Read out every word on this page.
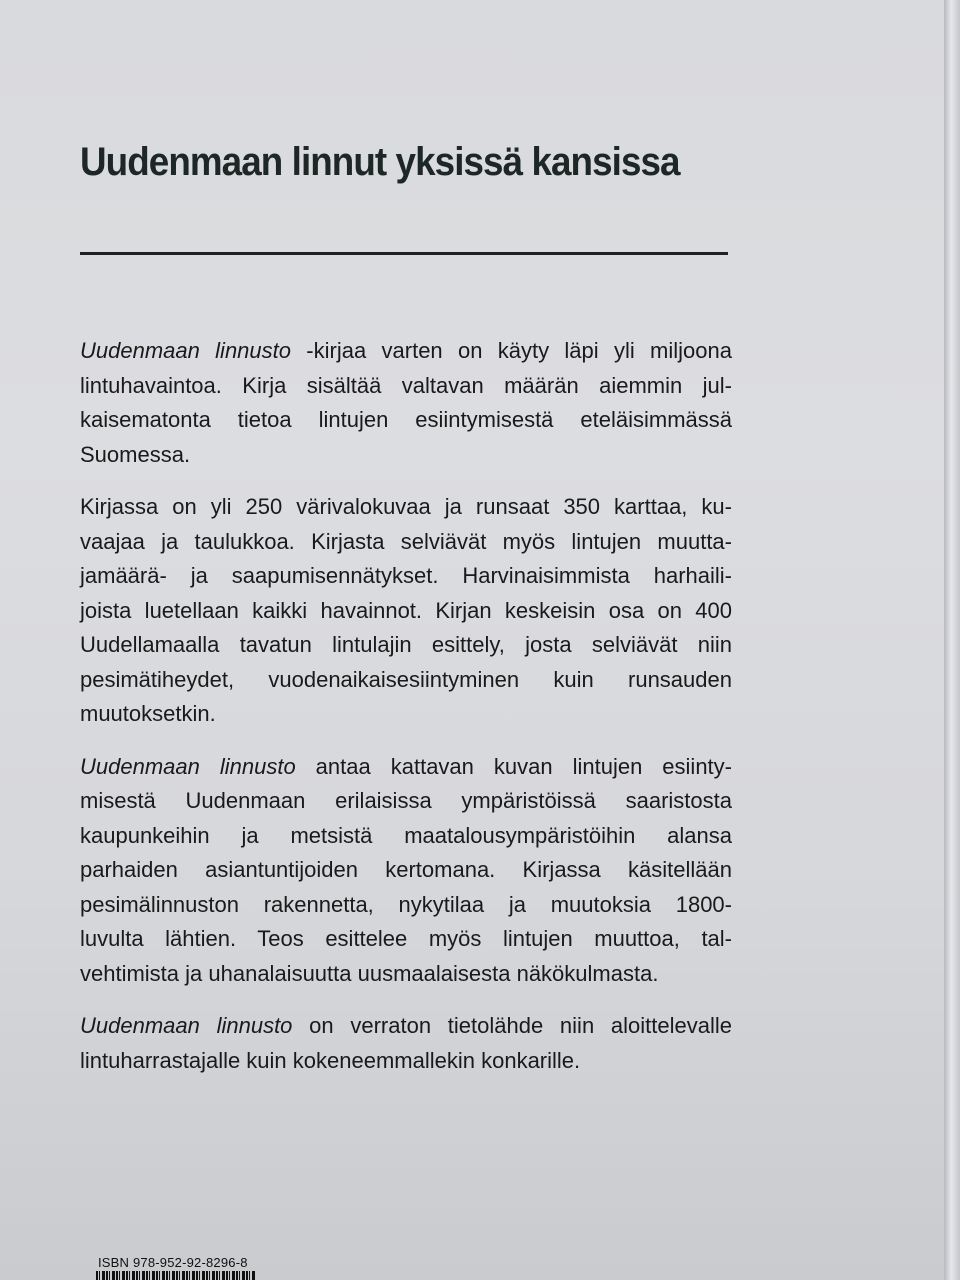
Uudenmaan linnut yksissä kansissa

Uudenmaan linnusto -kirjaa varten on käyty läpi yli miljoona
lintuhavaintoa. Kirja sisältää valtavan määrän aiemmin jul-
kaisematonta tietoa lintujen esiintymisestä eteläisimmässä
Suomessa.

Kirjassa on yli 250 värivalokuvaa ja runsaat 350 karttaa, ku-
vaajaa ja taulukkoa. Kirjasta selviävät myös lintujen muutta-
jamäärä- ja saapumisennätykset. Harvinaisimmista harhaili-
joista luetellaan kaikki havainnot. Kirjan keskeisin osa on 400
Uudellamaalla tavatun lintulajin esittely, josta selviävät niin
pesimätiheydet, vuodenaikaisesiintyminen kuin runsauden
muutoksetkin.

Uudenmaan linnusto antaa kattavan kuvan lintujen esiinty-
misestä Uudenmaan erilaisissa ympäristöissä saaristosta
kaupunkeihin ja metsistä maatalousympäristöihin alansa
parhaiden asiantuntijoiden kertomana. Kirjassa käsitellään
pesimälinnuston rakennetta, nykytilaa ja muutoksia 1800-
luvulta lähtien. Teos esittelee myös lintujen muuttoa, tal-
vehtimista ja uhanalaisuutta uusmaalaisesta näkökulmasta.

Uudenmaan linnusto on verraton tietolähde niin aloittelevalle
lintuharrastajalle kuin kokeneemmallekin konkarille.

ISBN 978-952-92-8296-8
